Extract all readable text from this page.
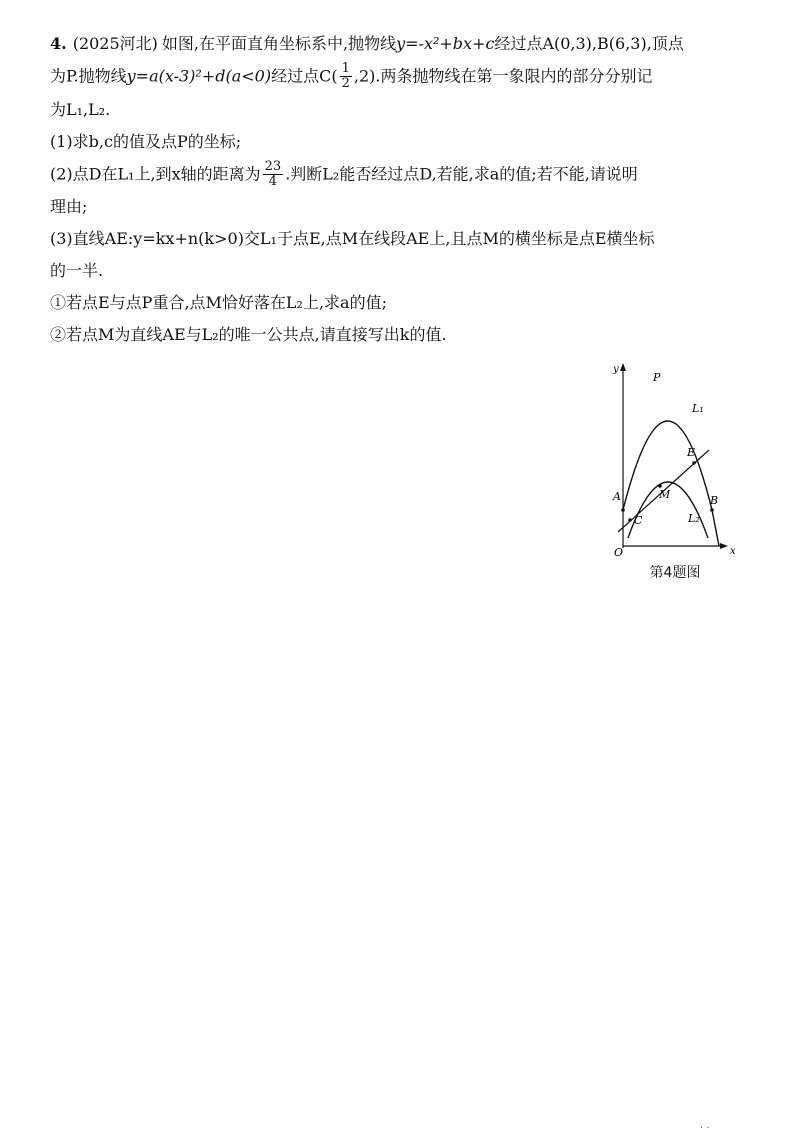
4. (2025河北) 如图,在平面直角坐标系中,抛物线y=-x²+bx+c经过点A(0,3),B(6,3),顶点

为P.抛物线y=a(x-3)²+d(a<0)经过点$C( \frac{1}{2} ,2)$.两条抛物线在第一象限内的部分分别记

为L₁,L₂.

(1)求b,c的值及点P的坐标;

(2)点D在L₁上,到x轴的距离为 $\frac{23}{4}$ .判断L₂能否经过点D,若能,求a的值;若不能,请说明

理由;

(3)直线AE:y=kx+n(k>0)交L₁于点E,点M在线段AE上,且点M的横坐标是点E横坐标

的一半.

①若点E与点P重合,点M恰好落在L₂上,求a的值;

②若点M为直线AE与L₂的唯一公共点,请直接写出k的值.

y
x
O
P
L₁
E
A	M	B
C	L₂
第4题图
. .
